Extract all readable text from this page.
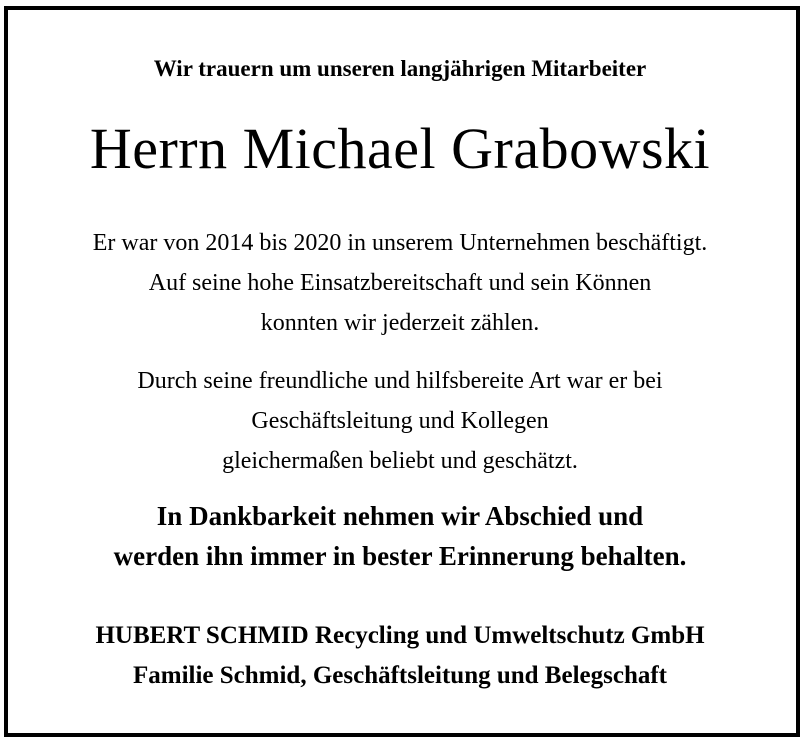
Wir trauern um unseren langjährigen Mitarbeiter
Herrn Michael Grabowski
Er war von 2014 bis 2020 in unserem Unternehmen beschäftigt.
Auf seine hohe Einsatzbereitschaft und sein Können
konnten wir jederzeit zählen.
Durch seine freundliche und hilfsbereite Art war er bei
Geschäftsleitung und Kollegen
gleichermaßen beliebt und geschätzt.
In Dankbarkeit nehmen wir Abschied und
werden ihn immer in bester Erinnerung behalten.
HUBERT SCHMID Recycling und Umweltschutz GmbH
Familie Schmid, Geschäftsleitung und Belegschaft
